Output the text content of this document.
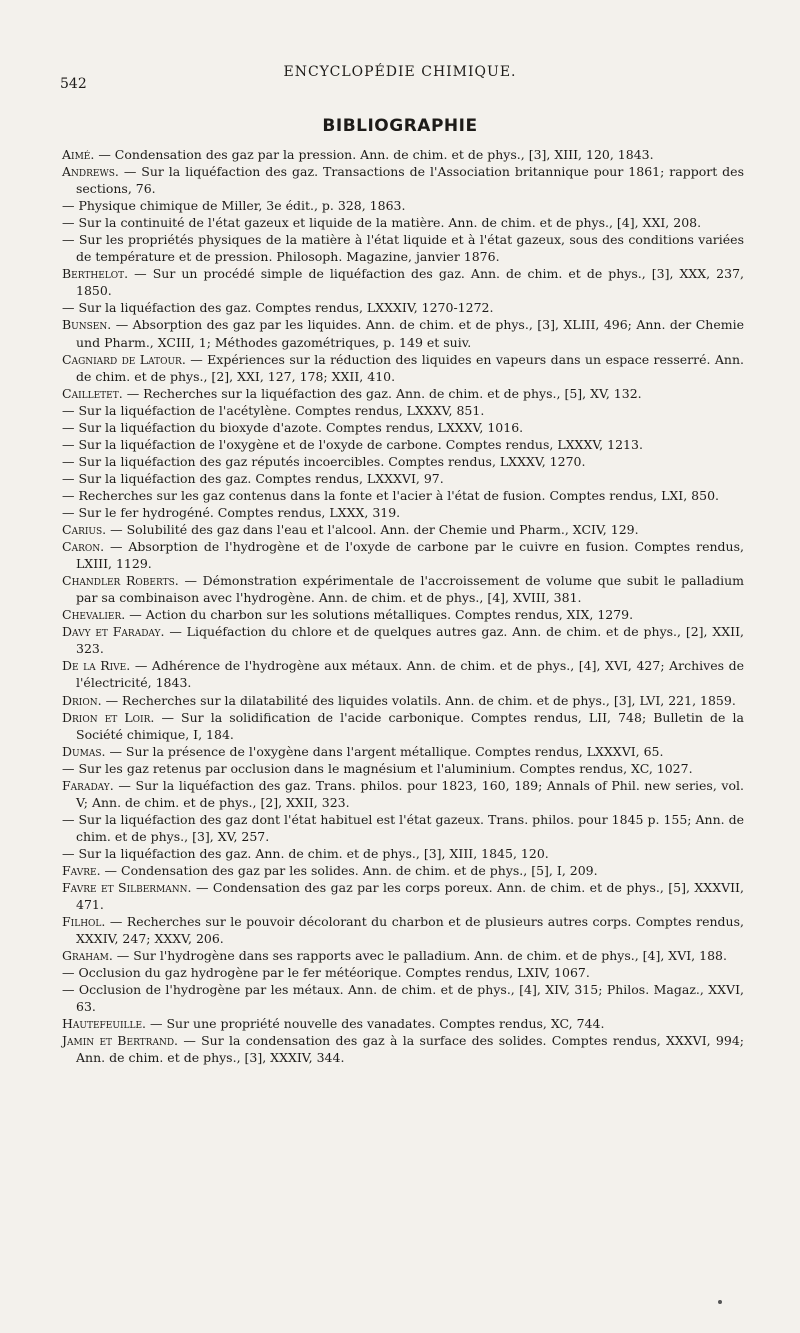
542
ENCYCLOPÉDIE CHIMIQUE.
BIBLIOGRAPHIE

Aimé. — Condensation des gaz par la pression. Ann. de chim. et de phys., [3], XIII, 120, 1843.

Andrews. — Sur la liquéfaction des gaz. Transactions de l'Association britannique pour 1861; rapport des sections, 76.

— Physique chimique de Miller, 3e édit., p. 328, 1863.

— Sur la continuité de l'état gazeux et liquide de la matière. Ann. de chim. et de phys., [4], XXI, 208.

— Sur les propriétés physiques de la matière à l'état liquide et à l'état gazeux, sous des conditions variées de température et de pression. Philosoph. Magazine, janvier 1876.

Berthelot. — Sur un procédé simple de liquéfaction des gaz. Ann. de chim. et de phys., [3], XXX, 237, 1850.

— Sur la liquéfaction des gaz. Comptes rendus, LXXXIV, 1270-1272.

Bunsen. — Absorption des gaz par les liquides. Ann. de chim. et de phys., [3], XLIII, 496; Ann. der Chemie und Pharm., XCIII, 1; Méthodes gazométriques, p. 149 et suiv.

Cagniard de Latour. — Expériences sur la réduction des liquides en vapeurs dans un espace resserré. Ann. de chim. et de phys., [2], XXI, 127, 178; XXII, 410.

Cailletet. — Recherches sur la liquéfaction des gaz. Ann. de chim. et de phys., [5], XV, 132.

— Sur la liquéfaction de l'acétylène. Comptes rendus, LXXXV, 851.

— Sur la liquéfaction du bioxyde d'azote. Comptes rendus, LXXXV, 1016.

— Sur la liquéfaction de l'oxygène et de l'oxyde de carbone. Comptes rendus, LXXXV, 1213.

— Sur la liquéfaction des gaz réputés incoercibles. Comptes rendus, LXXXV, 1270.

— Sur la liquéfaction des gaz. Comptes rendus, LXXXVI, 97.

— Recherches sur les gaz contenus dans la fonte et l'acier à l'état de fusion. Comptes rendus, LXI, 850.

— Sur le fer hydrogéné. Comptes rendus, LXXX, 319.

Carius. — Solubilité des gaz dans l'eau et l'alcool. Ann. der Chemie und Pharm., XCIV, 129.

Caron. — Absorption de l'hydrogène et de l'oxyde de carbone par le cuivre en fusion. Comptes rendus, LXIII, 1129.

Chandler Roberts. — Démonstration expérimentale de l'accroissement de volume que subit le palladium par sa combinaison avec l'hydrogène. Ann. de chim. et de phys., [4], XVIII, 381.

Chevalier. — Action du charbon sur les solutions métalliques. Comptes rendus, XIX, 1279.

Davy et Faraday. — Liquéfaction du chlore et de quelques autres gaz. Ann. de chim. et de phys., [2], XXII, 323.

De la Rive. — Adhérence de l'hydrogène aux métaux. Ann. de chim. et de phys., [4], XVI, 427; Archives de l'électricité, 1843.

Drion. — Recherches sur la dilatabilité des liquides volatils. Ann. de chim. et de phys., [3], LVI, 221, 1859.

Drion et Loir. — Sur la solidification de l'acide carbonique. Comptes rendus, LII, 748; Bulletin de la Société chimique, I, 184.

Dumas. — Sur la présence de l'oxygène dans l'argent métallique. Comptes rendus, LXXXVI, 65.

— Sur les gaz retenus par occlusion dans le magnésium et l'aluminium. Comptes rendus, XC, 1027.

Faraday. — Sur la liquéfaction des gaz. Trans. philos. pour 1823, 160, 189; Annals of Phil. new series, vol. V; Ann. de chim. et de phys., [2], XXII, 323.

— Sur la liquéfaction des gaz dont l'état habituel est l'état gazeux. Trans. philos. pour 1845 p. 155; Ann. de chim. et de phys., [3], XV, 257.

— Sur la liquéfaction des gaz. Ann. de chim. et de phys., [3], XIII, 1845, 120.

Favre. — Condensation des gaz par les solides. Ann. de chim. et de phys., [5], I, 209.

Favre et Silbermann. — Condensation des gaz par les corps poreux. Ann. de chim. et de phys., [5], XXXVII, 471.

Filhol. — Recherches sur le pouvoir décolorant du charbon et de plusieurs autres corps. Comptes rendus, XXXIV, 247; XXXV, 206.

Graham. — Sur l'hydrogène dans ses rapports avec le palladium. Ann. de chim. et de phys., [4], XVI, 188.

— Occlusion du gaz hydrogène par le fer météorique. Comptes rendus, LXIV, 1067.

— Occlusion de l'hydrogène par les métaux. Ann. de chim. et de phys., [4], XIV, 315; Philos. Magaz., XXVI, 63.

Hautefeuille. — Sur une propriété nouvelle des vanadates. Comptes rendus, XC, 744.

Jamin et Bertrand. — Sur la condensation des gaz à la surface des solides. Comptes rendus, XXXVI, 994; Ann. de chim. et de phys., [3], XXXIV, 344.
